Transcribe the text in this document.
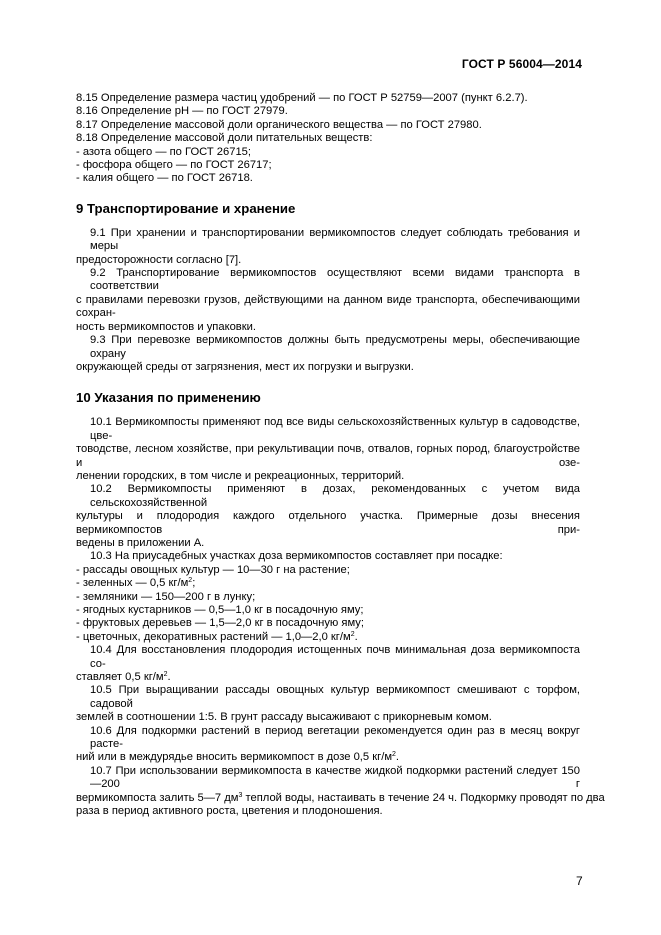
ГОСТ Р 56004—2014

8.15 Определение размера частиц удобрений — по ГОСТ Р 52759—2007 (пункт 6.2.7).

8.16 Определение рН — по ГОСТ 27979.

8.17 Определение массовой доли органического вещества — по ГОСТ 27980.

8.18 Определение массовой доли питательных веществ:

- азота общего — по ГОСТ 26715;

- фосфора общего — по ГОСТ 26717;

- калия общего — по ГОСТ 26718.

9 Транспортирование и хранение

9.1 При хранении и транспортировании вермикомпостов следует соблюдать требования и меры

предосторожности согласно [7].

9.2 Транспортирование вермикомпостов осуществляют всеми видами транспорта в соответствии

с правилами перевозки грузов, действующими на данном виде транспорта, обеспечивающими сохран-

ность вермикомпостов и упаковки.

9.3 При перевозке вермикомпостов должны быть предусмотрены меры, обеспечивающие охрану

окружающей среды от загрязнения, мест их погрузки и выгрузки.

10 Указания по применению

10.1 Вермикомпосты применяют под все виды сельскохозяйственных культур в садоводстве, цве-

товодстве, лесном хозяйстве, при рекультивации почв, отвалов, горных пород, благоустройстве и озе-

ленении городских, в том числе и рекреационных, территорий.

10.2 Вермикомпосты применяют в дозах, рекомендованных с учетом вида сельскохозяйственной

культуры и плодородия каждого отдельного участка. Примерные дозы внесения вермикомпостов при-

ведены в приложении А.

10.3 На приусадебных участках доза вермикомпостов составляет при посадке:

- рассады овощных культур — 10—30 г на растение;

- зеленных — 0,5 $кг/м^2$;

- земляники — 150—200 г в лунку;

- ягодных кустарников — 0,5—1,0 кг в посадочную яму;

- фруктовых деревьев — 1,5—2,0 кг в посадочную яму;

- цветочных, декоративных растений — 1,0—2,0 $кг/м^2$.

10.4 Для восстановления плодородия истощенных почв минимальная доза вермикомпоста со-

ставляет 0,5 $кг/м^2$.

10.5 При выращивании рассады овощных культур вермикомпост смешивают с торфом, садовой

землей в соотношении 1:5. В грунт рассаду высаживают с прикорневым комом.

10.6 Для подкормки растений в период вегетации рекомендуется один раз в месяц вокруг расте-

ний или в междурядье вносить вермикомпост в дозе 0,5 $кг/м^2$.

10.7 При использовании вермикомпоста в качестве жидкой подкормки растений следует 150—200 г

вермикомпоста залить 5—7 $дм^3$ теплой воды, настаивать в течение 24 ч. Подкормку проводят по два

раза в период активного роста, цветения и плодоношения.

7
